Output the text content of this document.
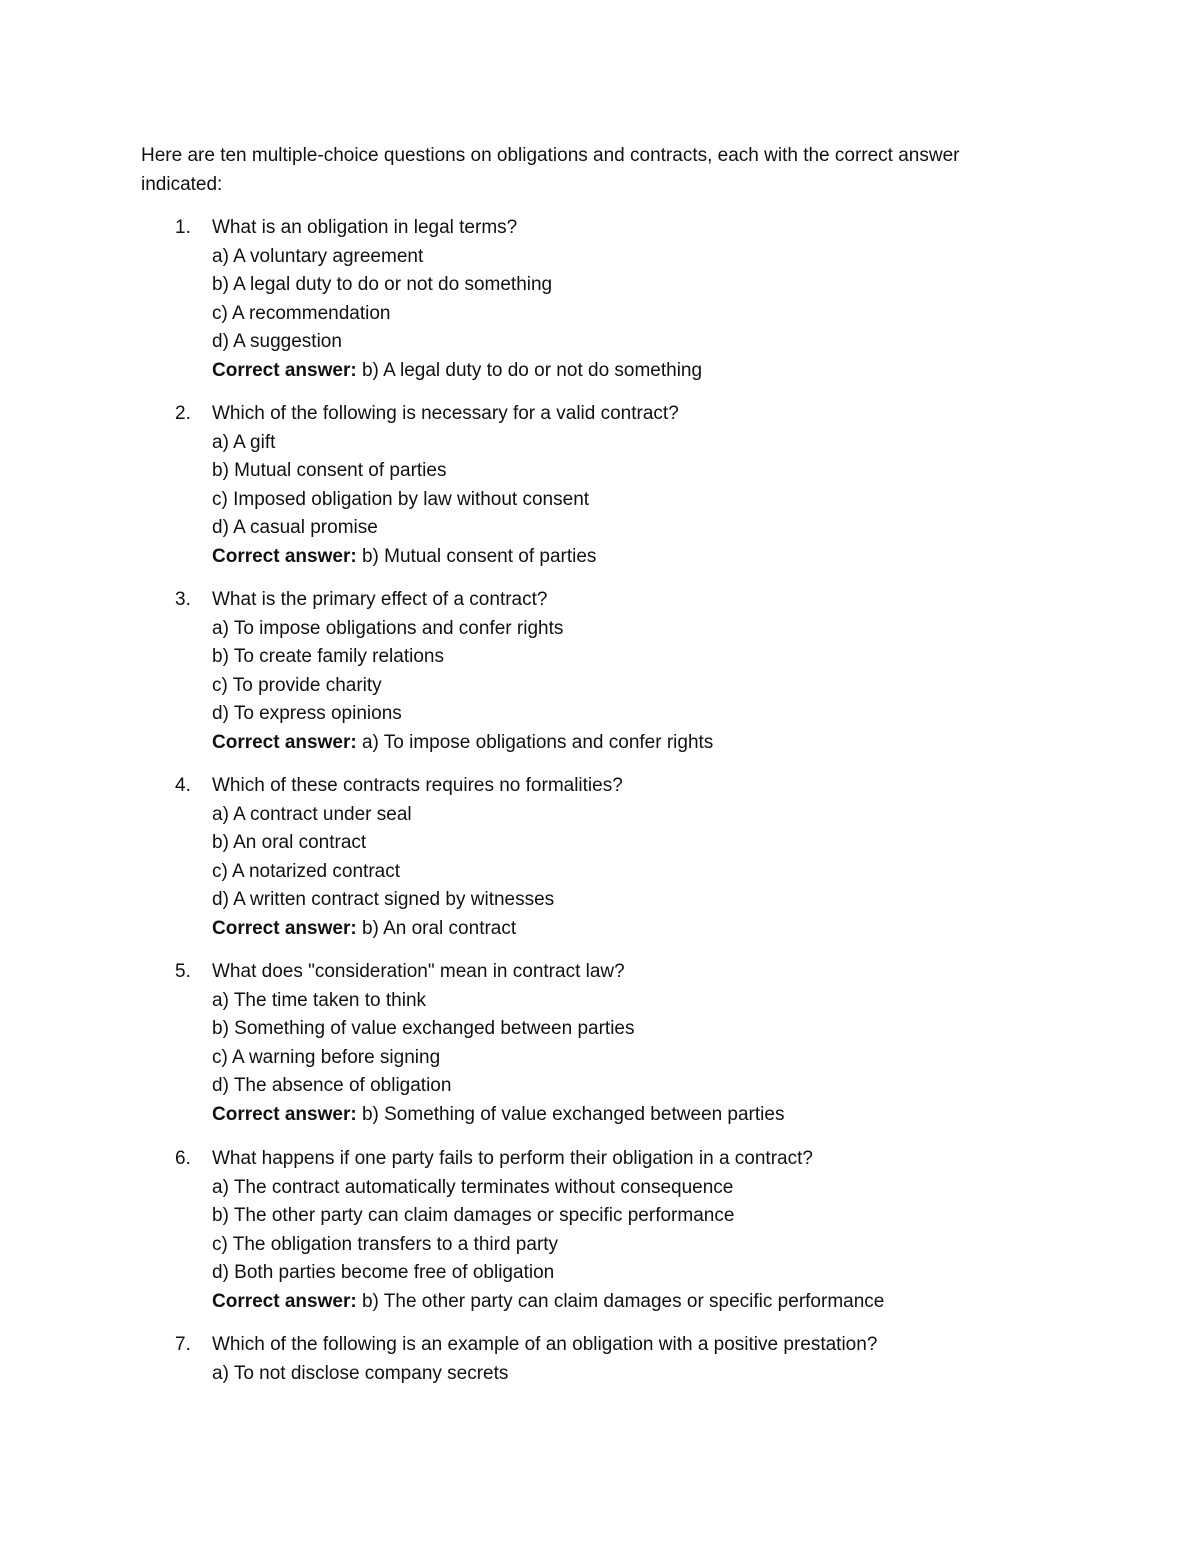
Here are ten multiple-choice questions on obligations and contracts, each with the correct answer indicated:

1. What is an obligation in legal terms?
a) A voluntary agreement
b) A legal duty to do or not do something
c) A recommendation
d) A suggestion
Correct answer: b) A legal duty to do or not do something
2. Which of the following is necessary for a valid contract?
a) A gift
b) Mutual consent of parties
c) Imposed obligation by law without consent
d) A casual promise
Correct answer: b) Mutual consent of parties
3. What is the primary effect of a contract?
a) To impose obligations and confer rights
b) To create family relations
c) To provide charity
d) To express opinions
Correct answer: a) To impose obligations and confer rights
4. Which of these contracts requires no formalities?
a) A contract under seal
b) An oral contract
c) A notarized contract
d) A written contract signed by witnesses
Correct answer: b) An oral contract
5. What does "consideration" mean in contract law?
a) The time taken to think
b) Something of value exchanged between parties
c) A warning before signing
d) The absence of obligation
Correct answer: b) Something of value exchanged between parties
6. What happens if one party fails to perform their obligation in a contract?
a) The contract automatically terminates without consequence
b) The other party can claim damages or specific performance
c) The obligation transfers to a third party
d) Both parties become free of obligation
Correct answer: b) The other party can claim damages or specific performance
7. Which of the following is an example of an obligation with a positive prestation?
a) To not disclose company secrets
